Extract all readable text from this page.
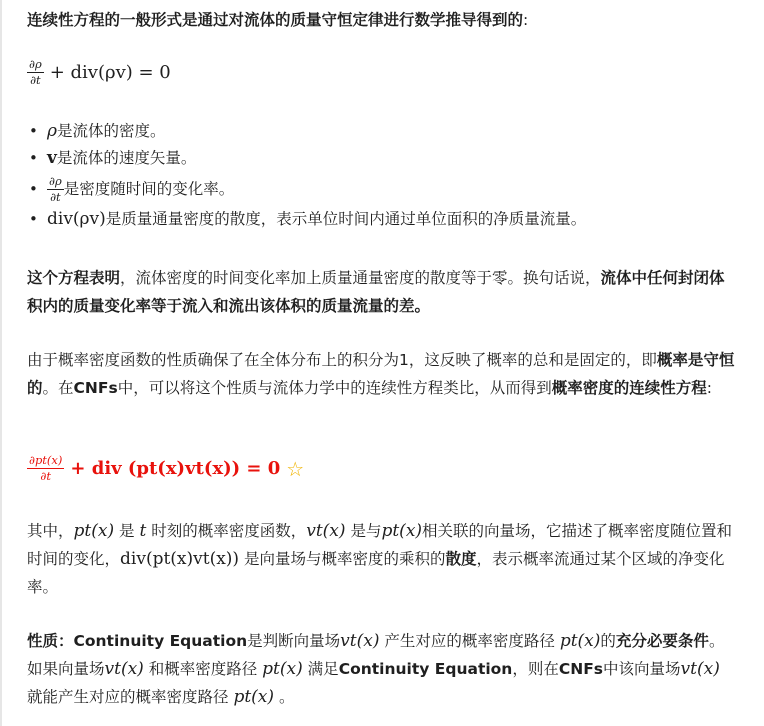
连续性方程的一般形式是通过对流体的质量守恒定律进行数学推导得到的:

$\frac{\partial\rho}{\partial t} + div(\rho v) = 0$
• ρ 是流体的密度。
• v 是流体的速度矢量。
• $\frac{\partial\rho}{\partial t}$ 是密度随时间的变化率。
• div(ρv) 是质量通量密度的散度，表示单位时间内通过单位面积的净质量流量。

这个方程表明，流体密度的时间变化率加上质量通量密度的散度等于零。换句话说，流体中任何封闭体积内的质量变化率等于流入和流出该体积的质量流量的差。

由于概率密度函数的性质确保了在全体分布上的积分为1，这反映了概率的总和是固定的，即概率是守恒的。在CNFs中，可以将这个性质与流体力学中的连续性方程类比，从而得到概率密度的连续性方程:

$\frac{\partial pt(x)}{\partial t}$ + div (pt(x)vt(x)) = 0 ☆

其中，pt(x) 是 t 时刻的概率密度函数，vt(x) 是与pt(x)相关联的向量场，它描述了概率密度随位置和时间的变化，div(pt(x)vt(x)) 是向量场与概率密度的乘积的散度，表示概率流通过某个区域的净变化率。

性质：Continuity Equation是判断向量场vt(x) 产生对应的概率密度路径 pt(x)的充分必要条件。如果向量场vt(x) 和概率密度路径 pt(x) 满足Continuity Equation，则在CNFs中该向量场vt(x) 就能产生对应的概率密度路径 pt(x) 。
